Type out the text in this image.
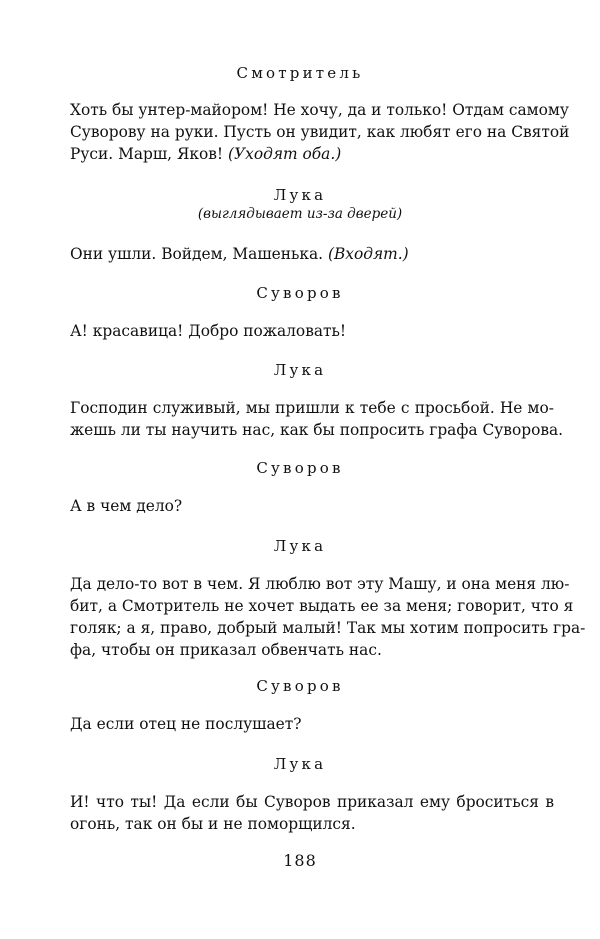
Смотритель
Хоть бы унтер-майором! Не хочу, да и только! Отдам самому
Суворову на руки. Пусть он увидит, как любят его на Святой
Руси. Марш, Яков! (Уходят оба.)
Лука
(выглядывает из-за дверей)
Они ушли. Войдем, Машенька. (Входят.)
Суворов
А! красавица! Добро пожаловать!
Лука
Господин служивый, мы пришли к тебе с просьбой. Не мо-
жешь ли ты научить нас, как бы попросить графа Суворова.
Суворов
А в чем дело?
Лука
Да дело-то вот в чем. Я люблю вот эту Машу, и она меня лю-
бит, а Смотритель не хочет выдать ее за меня; говорит, что я
голяк; а я, право, добрый малый! Так мы хотим попросить гра-
фа, чтобы он приказал обвенчать нас.
Суворов
Да если отец не послушает?
Лука
И! что ты! Да если бы Суворов приказал ему броситься в
огонь, так он бы и не поморщился.
188
